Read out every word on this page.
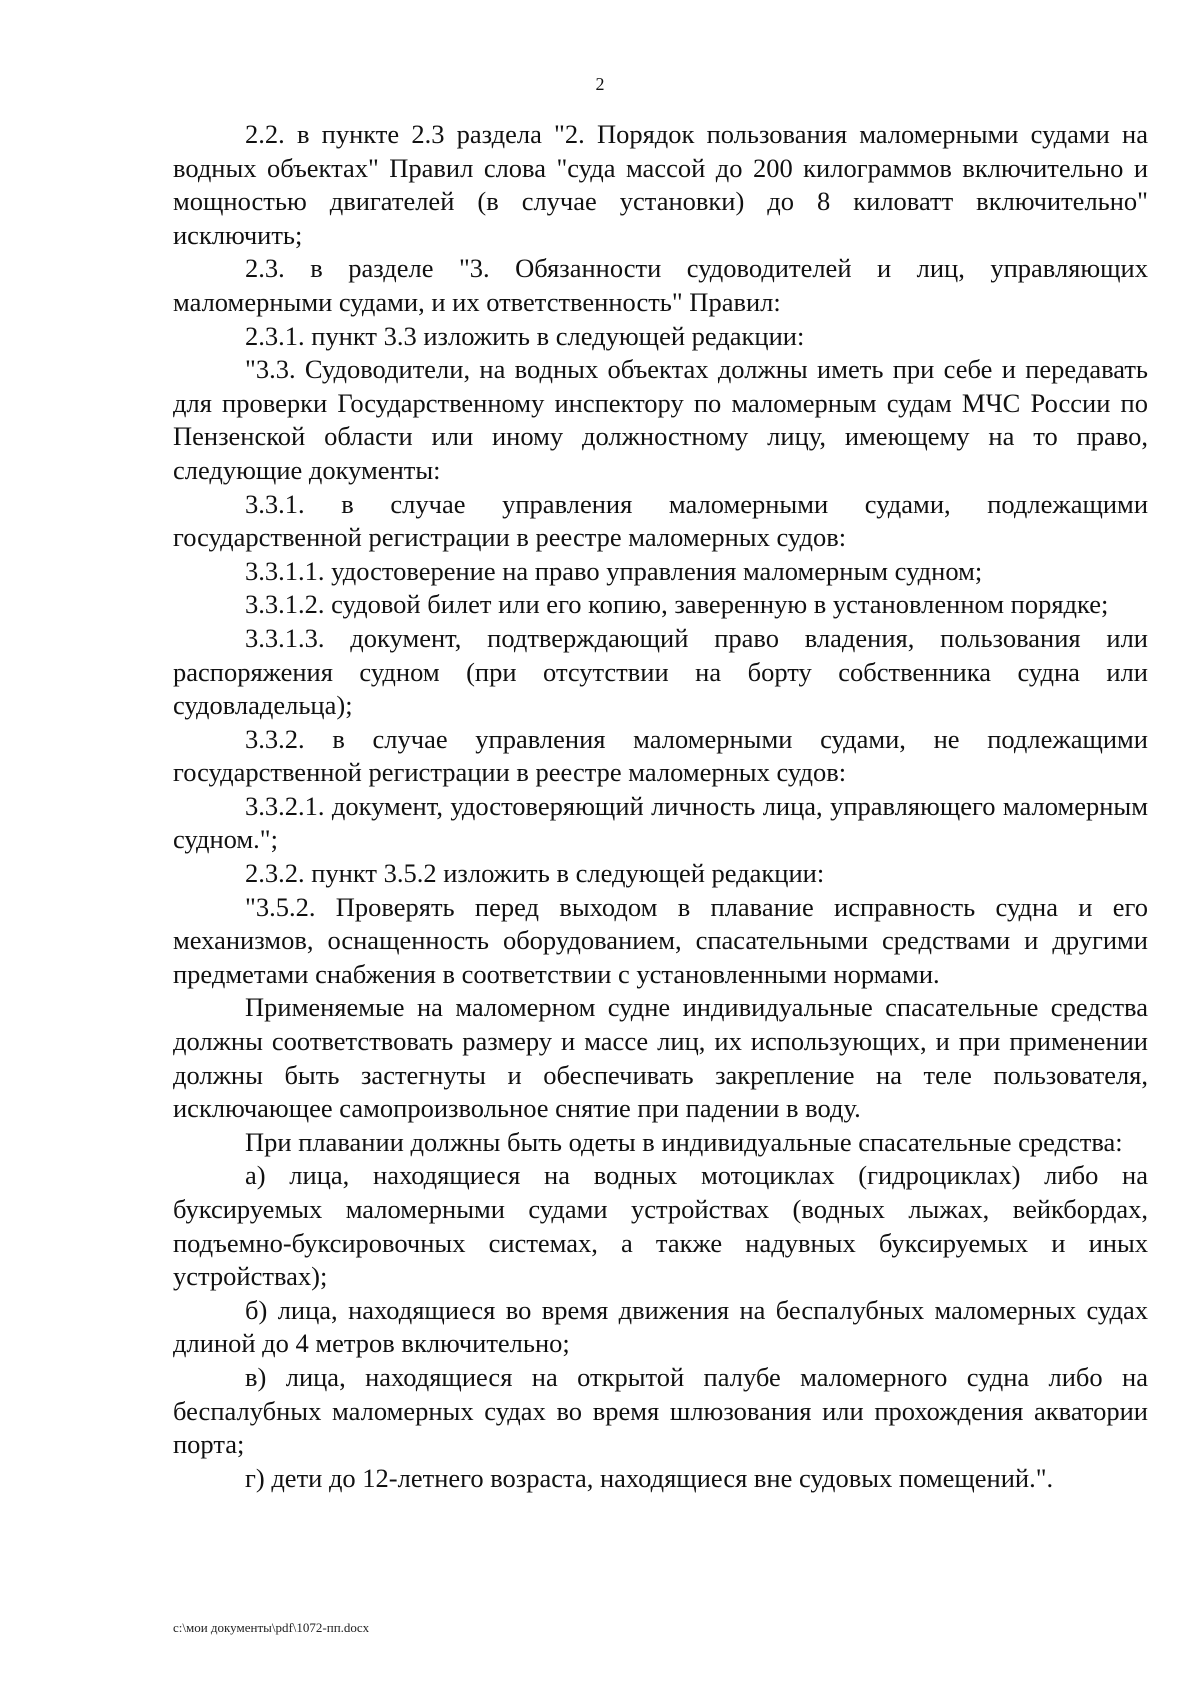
2

2.2. в пункте 2.3 раздела "2. Порядок пользования маломерными судами на водных объектах" Правил слова "суда массой до 200 килограммов включительно и мощностью двигателей (в случае установки) до 8 киловатт включительно" исключить;

2.3. в разделе "3. Обязанности судоводителей и лиц, управляющих маломерными судами, и их ответственность" Правил:

2.3.1. пункт 3.3 изложить в следующей редакции:

"3.3. Судоводители, на водных объектах должны иметь при себе и передавать для проверки Государственному инспектору по маломерным судам МЧС России по Пензенской области или иному должностному лицу, имеющему на то право, следующие документы:

3.3.1. в случае управления маломерными судами, подлежащими государственной регистрации в реестре маломерных судов:

3.3.1.1. удостоверение на право управления маломерным судном;

3.3.1.2. судовой билет или его копию, заверенную в установленном порядке;

3.3.1.3. документ, подтверждающий право владения, пользования или распоряжения судном (при отсутствии на борту собственника судна или судовладельца);

3.3.2. в случае управления маломерными судами, не подлежащими государственной регистрации в реестре маломерных судов:

3.3.2.1. документ, удостоверяющий личность лица, управляющего маломерным судном.";

2.3.2. пункт 3.5.2 изложить в следующей редакции:

"3.5.2. Проверять перед выходом в плавание исправность судна и его механизмов, оснащенность оборудованием, спасательными средствами и другими предметами снабжения в соответствии с установленными нормами.

Применяемые на маломерном судне индивидуальные спасательные средства должны соответствовать размеру и массе лиц, их использующих, и при применении должны быть застегнуты и обеспечивать закрепление на теле пользователя, исключающее самопроизвольное снятие при падении в воду.

При плавании должны быть одеты в индивидуальные спасательные средства:

а) лица, находящиеся на водных мотоциклах (гидроциклах) либо на буксируемых маломерными судами устройствах (водных лыжах, вейкбордах, подъемно-буксировочных системах, а также надувных буксируемых и иных устройствах);

б) лица, находящиеся во время движения на беспалубных маломерных судах длиной до 4 метров включительно;

в) лица, находящиеся на открытой палубе маломерного судна либо на беспалубных маломерных судах во время шлюзования или прохождения акватории порта;

г) дети до 12-летнего возраста, находящиеся вне судовых помещений.".

c:\мои документы\pdf\1072-пп.docx
